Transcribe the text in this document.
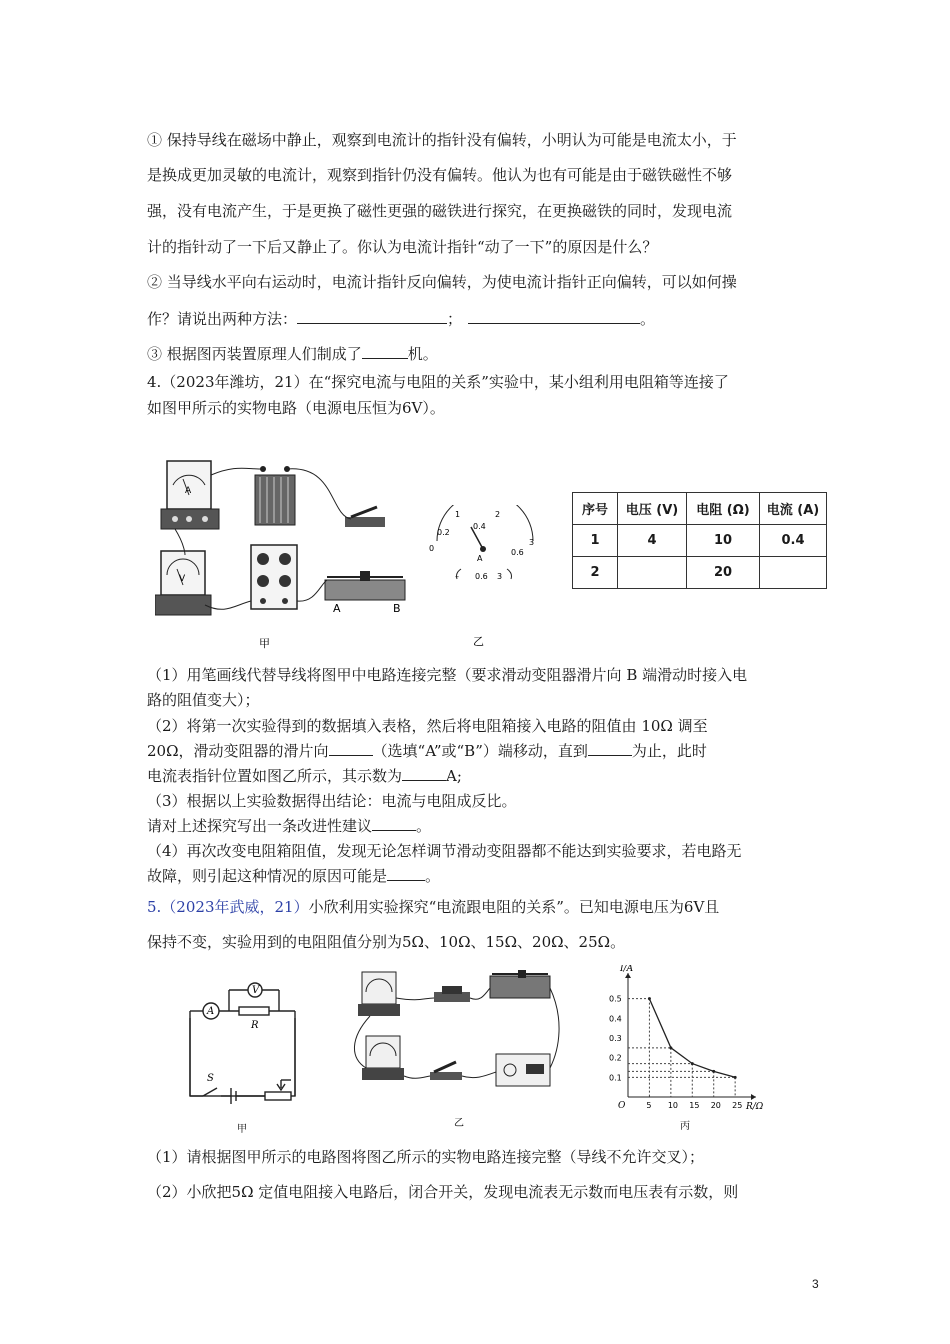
① 保持导线在磁场中静止，观察到电流计的指针没有偏转，小明认为可能是电流太小，于
是换成更加灵敏的电流计，观察到指针仍没有偏转。他认为也有可能是由于磁铁磁性不够
强，没有电流产生，于是更换了磁性更强的磁铁进行探究，在更换磁铁的同时，发现电流
计的指针动了一下后又静止了。你认为电流计指针“动了一下”的原因是什么？
② 当导线水平向右运动时，电流计指针反向偏转，为使电流计指针正向偏转，可以如何操
作？请说出两种方法：	；	。
③ 根据图丙装置原理人们制成了	机。
4.（2023年潍坊，21）在“探究电流与电阻的关系”实验中，某小组利用电阻箱等连接了
如图甲所示的实物电路（电源电压恒为6V）。
A
V
A	B
甲
0
1	2
3
0.2
0.4
0.6
A
– 0.6 3
乙
序号	电压 (V)	电阻 (Ω)	电流 (A)
1	4	10	0.4
2		20	
（1）用笔画线代替导线将图甲中电路连接完整（要求滑动变阻器滑片向 B 端滑动时接入电
路的阻值变大）；
（2）将第一次实验得到的数据填入表格，然后将电阻箱接入电路的阻值由 10Ω 调至
20Ω，滑动变阻器的滑片向	（选填“A”或“B”）端移动，直到	为止，此时
电流表指针位置如图乙所示，其示数为	A;
（3）根据以上实验数据得出结论：电流与电阻成反比。
请对上述探究写出一条改进性建议	。
（4）再次改变电阻箱阻值，发现无论怎样调节滑动变阻器都不能达到实验要求，若电路无
故障，则引起这种情况的原因可能是	。
5.（2023年武威，21）小欣利用实验探究“电流跟电阻的关系”。已知电源电压为6V且
保持不变，实验用到的电阻阻值分别为5Ω、10Ω、15Ω、20Ω、25Ω。
V
A
R
S
甲
乙
5 10 15 20 25
0.1
0.2
0.3
0.4
0.5
I/A
R/Ω
O
丙
（1）请根据图甲所示的电路图将图乙所示的实物电路连接完整（导线不允许交叉）；
（2）小欣把5Ω 定值电阻接入电路后，闭合开关，发现电流表无示数而电压表有示数，则
3
